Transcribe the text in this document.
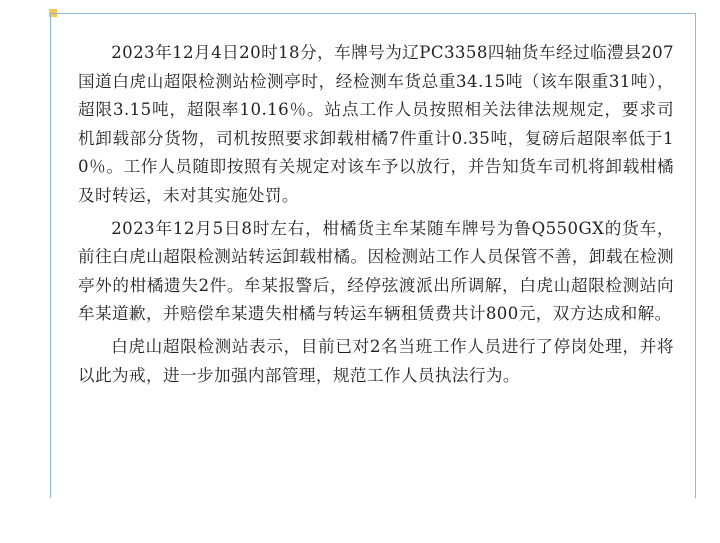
2023年12月4日20时18分，车牌号为辽PC3358四轴货车经过临澧县207国道白虎山超限检测站检测亭时，经检测车货总重34.15吨（该车限重31吨），超限3.15吨，超限率10.16％。站点工作人员按照相关法律法规规定，要求司机卸载部分货物，司机按照要求卸载柑橘7件重计0.35吨，复磅后超限率低于10％。工作人员随即按照有关规定对该车予以放行，并告知货车司机将卸载柑橘及时转运，未对其实施处罚。

2023年12月5日8时左右，柑橘货主牟某随车牌号为鲁Q550GX的货车，前往白虎山超限检测站转运卸载柑橘。因检测站工作人员保管不善，卸载在检测亭外的柑橘遗失2件。牟某报警后，经停弦渡派出所调解，白虎山超限检测站向牟某道歉，并赔偿牟某遗失柑橘与转运车辆租赁费共计800元，双方达成和解。

白虎山超限检测站表示，目前已对2名当班工作人员进行了停岗处理，并将以此为戒，进一步加强内部管理，规范工作人员执法行为。
